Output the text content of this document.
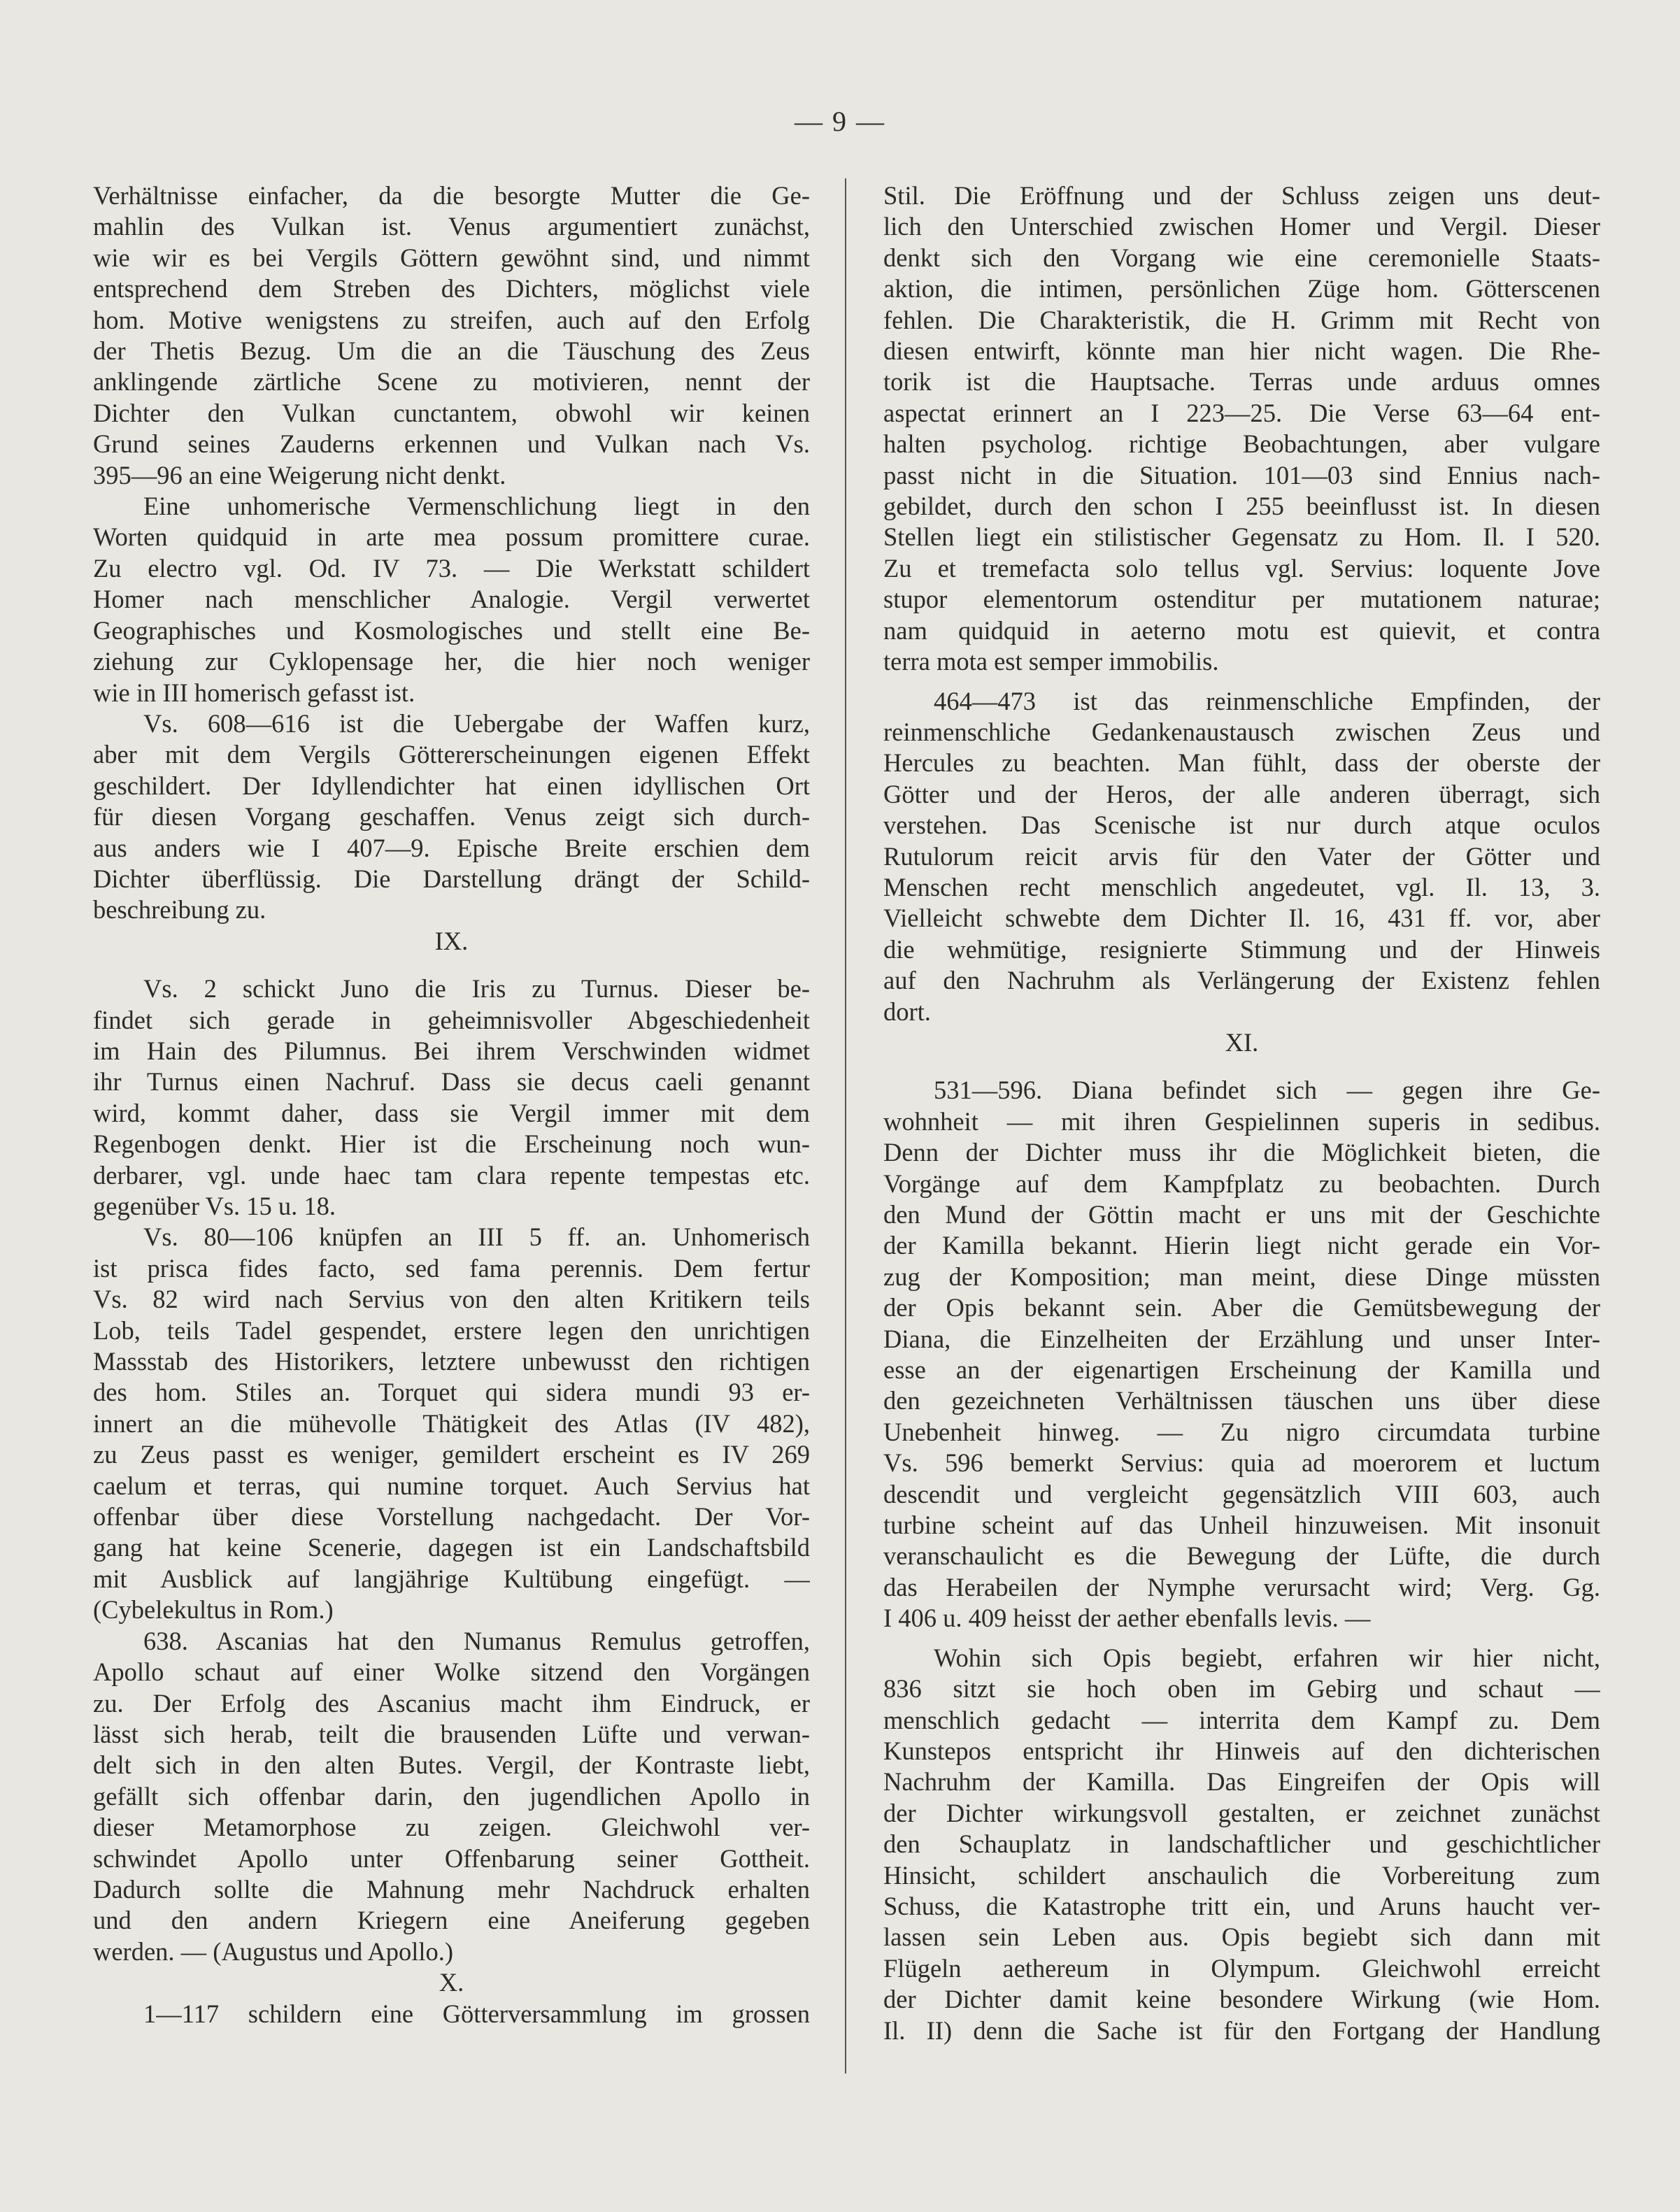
— 9 —
Verhältnisse einfacher, da die besorgte Mutter die Ge-
mahlin des Vulkan ist. Venus argumentiert zunächst,
wie wir es bei Vergils Göttern gewöhnt sind, und nimmt
entsprechend dem Streben des Dichters, möglichst viele
hom. Motive wenigstens zu streifen, auch auf den Erfolg
der Thetis Bezug. Um die an die Täuschung des Zeus
anklingende zärtliche Scene zu motivieren, nennt der
Dichter den Vulkan cunctantem, obwohl wir keinen
Grund seines Zauderns erkennen und Vulkan nach Vs.
395—96 an eine Weigerung nicht denkt.
Eine unhomerische Vermenschlichung liegt in den
Worten quidquid in arte mea possum promittere curae.
Zu electro vgl. Od. IV 73. — Die Werkstatt schildert
Homer nach menschlicher Analogie. Vergil verwertet
Geographisches und Kosmologisches und stellt eine Be-
ziehung zur Cyklopensage her, die hier noch weniger
wie in III homerisch gefasst ist.
Vs. 608—616 ist die Uebergabe der Waffen kurz,
aber mit dem Vergils Göttererscheinungen eigenen Effekt
geschildert. Der Idyllendichter hat einen idyllischen Ort
für diesen Vorgang geschaffen. Venus zeigt sich durch-
aus anders wie I 407—9. Epische Breite erschien dem
Dichter überflüssig. Die Darstellung drängt der Schild-
beschreibung zu.
IX.
Vs. 2 schickt Juno die Iris zu Turnus. Dieser be-
findet sich gerade in geheimnisvoller Abgeschiedenheit
im Hain des Pilumnus. Bei ihrem Verschwinden widmet
ihr Turnus einen Nachruf. Dass sie decus caeli genannt
wird, kommt daher, dass sie Vergil immer mit dem
Regenbogen denkt. Hier ist die Erscheinung noch wun-
derbarer, vgl. unde haec tam clara repente tempestas etc.
gegenüber Vs. 15 u. 18.
Vs. 80—106 knüpfen an III 5 ff. an. Unhomerisch
ist prisca fides facto, sed fama perennis. Dem fertur
Vs. 82 wird nach Servius von den alten Kritikern teils
Lob, teils Tadel gespendet, erstere legen den unrichtigen
Massstab des Historikers, letztere unbewusst den richtigen
des hom. Stiles an. Torquet qui sidera mundi 93 er-
innert an die mühevolle Thätigkeit des Atlas (IV 482),
zu Zeus passt es weniger, gemildert erscheint es IV 269
caelum et terras, qui numine torquet. Auch Servius hat
offenbar über diese Vorstellung nachgedacht. Der Vor-
gang hat keine Scenerie, dagegen ist ein Landschaftsbild
mit Ausblick auf langjährige Kultübung eingefügt. —
(Cybelekultus in Rom.)
638. Ascanias hat den Numanus Remulus getroffen,
Apollo schaut auf einer Wolke sitzend den Vorgängen
zu. Der Erfolg des Ascanius macht ihm Eindruck, er
lässt sich herab, teilt die brausenden Lüfte und verwan-
delt sich in den alten Butes. Vergil, der Kontraste liebt,
gefällt sich offenbar darin, den jugendlichen Apollo in
dieser Metamorphose zu zeigen. Gleichwohl ver-
schwindet Apollo unter Offenbarung seiner Gottheit.
Dadurch sollte die Mahnung mehr Nachdruck erhalten
und den andern Kriegern eine Aneiferung gegeben
werden. — (Augustus und Apollo.)
X.
1—117 schildern eine Götterversammlung im grossen
Stil. Die Eröffnung und der Schluss zeigen uns deut-
lich den Unterschied zwischen Homer und Vergil. Dieser
denkt sich den Vorgang wie eine ceremonielle Staats-
aktion, die intimen, persönlichen Züge hom. Götterscenen
fehlen. Die Charakteristik, die H. Grimm mit Recht von
diesen entwirft, könnte man hier nicht wagen. Die Rhe-
torik ist die Hauptsache. Terras unde arduus omnes
aspectat erinnert an I 223—25. Die Verse 63—64 ent-
halten psycholog. richtige Beobachtungen, aber vulgare
passt nicht in die Situation. 101—03 sind Ennius nach-
gebildet, durch den schon I 255 beeinflusst ist. In diesen
Stellen liegt ein stilistischer Gegensatz zu Hom. Il. I 520.
Zu et tremefacta solo tellus vgl. Servius: loquente Jove
stupor elementorum ostenditur per mutationem naturae;
nam quidquid in aeterno motu est quievit, et contra
terra mota est semper immobilis.
464—473 ist das reinmenschliche Empfinden, der
reinmenschliche Gedankenaustausch zwischen Zeus und
Hercules zu beachten. Man fühlt, dass der oberste der
Götter und der Heros, der alle anderen überragt, sich
verstehen. Das Scenische ist nur durch atque oculos
Rutulorum reicit arvis für den Vater der Götter und
Menschen recht menschlich angedeutet, vgl. Il. 13, 3.
Vielleicht schwebte dem Dichter Il. 16, 431 ff. vor, aber
die wehmütige, resignierte Stimmung und der Hinweis
auf den Nachruhm als Verlängerung der Existenz fehlen
dort.
XI.
531—596. Diana befindet sich — gegen ihre Ge-
wohnheit — mit ihren Gespielinnen superis in sedibus.
Denn der Dichter muss ihr die Möglichkeit bieten, die
Vorgänge auf dem Kampfplatz zu beobachten. Durch
den Mund der Göttin macht er uns mit der Geschichte
der Kamilla bekannt. Hierin liegt nicht gerade ein Vor-
zug der Komposition; man meint, diese Dinge müssten
der Opis bekannt sein. Aber die Gemütsbewegung der
Diana, die Einzelheiten der Erzählung und unser Inter-
esse an der eigenartigen Erscheinung der Kamilla und
den gezeichneten Verhältnissen täuschen uns über diese
Unebenheit hinweg. — Zu nigro circumdata turbine
Vs. 596 bemerkt Servius: quia ad moerorem et luctum
descendit und vergleicht gegensätzlich VIII 603, auch
turbine scheint auf das Unheil hinzuweisen. Mit insonuit
veranschaulicht es die Bewegung der Lüfte, die durch
das Herabeilen der Nymphe verursacht wird; Verg. Gg.
I 406 u. 409 heisst der aether ebenfalls levis. —
Wohin sich Opis begiebt, erfahren wir hier nicht,
836 sitzt sie hoch oben im Gebirg und schaut —
menschlich gedacht — interrita dem Kampf zu. Dem
Kunstepos entspricht ihr Hinweis auf den dichterischen
Nachruhm der Kamilla. Das Eingreifen der Opis will
der Dichter wirkungsvoll gestalten, er zeichnet zunächst
den Schauplatz in landschaftlicher und geschichtlicher
Hinsicht, schildert anschaulich die Vorbereitung zum
Schuss, die Katastrophe tritt ein, und Aruns haucht ver-
lassen sein Leben aus. Opis begiebt sich dann mit
Flügeln aethereum in Olympum. Gleichwohl erreicht
der Dichter damit keine besondere Wirkung (wie Hom.
Il. II) denn die Sache ist für den Fortgang der Handlung
